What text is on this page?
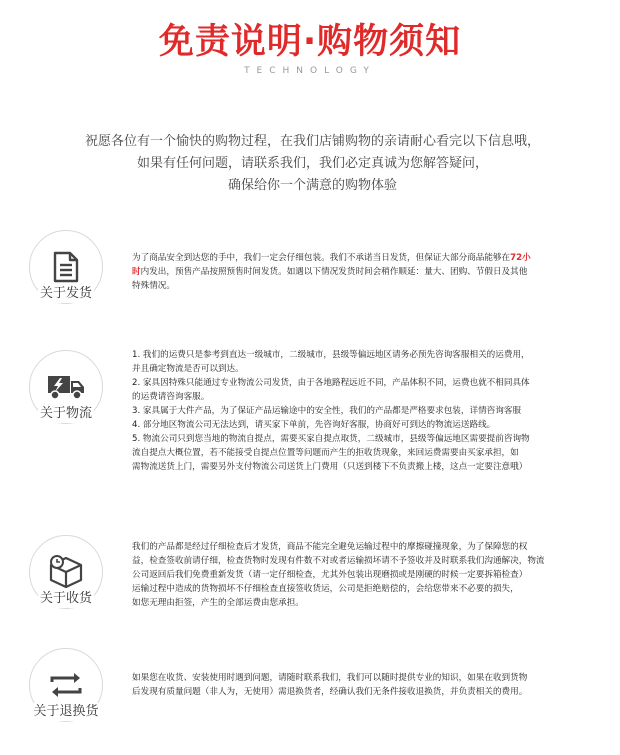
免责说明·购物须知
TECHNOLOGY
祝愿各位有一个愉快的购物过程，在我们店铺购物的亲请耐心看完以下信息哦，
如果有任何问题，请联系我们，我们必定真诚为您解答疑问，
确保给你一个满意的购物体验
关于发货
为了商品安全到达您的手中，我们一定会仔细包装。我们不承诺当日发货，但保证大部分商品能够在72小
时内发出，预售产品按照预售时间发货。如遇以下情况发货时间会稍作顺延：量大、团购、节假日及其他
特殊情况。
关于物流
1. 我们的运费只是参考到直达一级城市，二级城市，县级等偏远地区请务必预先咨询客服相关的运费用，
并且确定物流是否可以到达。
2. 家具因特殊只能通过专业物流公司发货，由于各地路程远近不同，产品体积不同，运费也就不相同具体
的运费请咨询客服。
3. 家具属于大件产品，为了保证产品运输途中的安全性，我们的产品都是严格要求包装，详情咨询客服
4. 部分地区物流公司无法达到，请买家下单前，先咨询好客服，协商好可到达的物流运送路线。
5. 物流公司只到您当地的物流自提点，需要买家自提点取货，二级城市，县级等偏远地区需要提前咨询物
流自提点大概位置，若不能接受自提点位置等问题而产生的拒收货现象，来回运费需要由买家承担，如
需物流送货上门，需要另外支付物流公司送货上门费用（只送到楼下不负责搬上楼，这点一定要注意哦）
关于收货
我们的产品都是经过仔细检查后才发货，商品不能完全避免运输过程中的摩擦碰撞现象，为了保障您的权
益，检查签收前请仔细，检查货物时发现有件数不对或者运输损坏请不予签收并及时联系我们沟通解决，物流
公司返回后我们免费重新发货（请一定仔细检查，尤其外包装出现磨损或是刚硬的时候一定要拆箱检查）
运输过程中造成的货物损坏不仔细检查直接签收货运，公司是拒绝赔偿的，会给您带来不必要的损失，
如您无理由拒签，产生的全部运费由您承担。
关于退换货
如果您在收货、安装使用时遇到问题，请随时联系我们，我们可以随时提供专业的知识，如果在收到货物
后发现有质量问题（非人为，无使用）需退换货者，经确认我们无条件接收退换货，并负责相关的费用。
